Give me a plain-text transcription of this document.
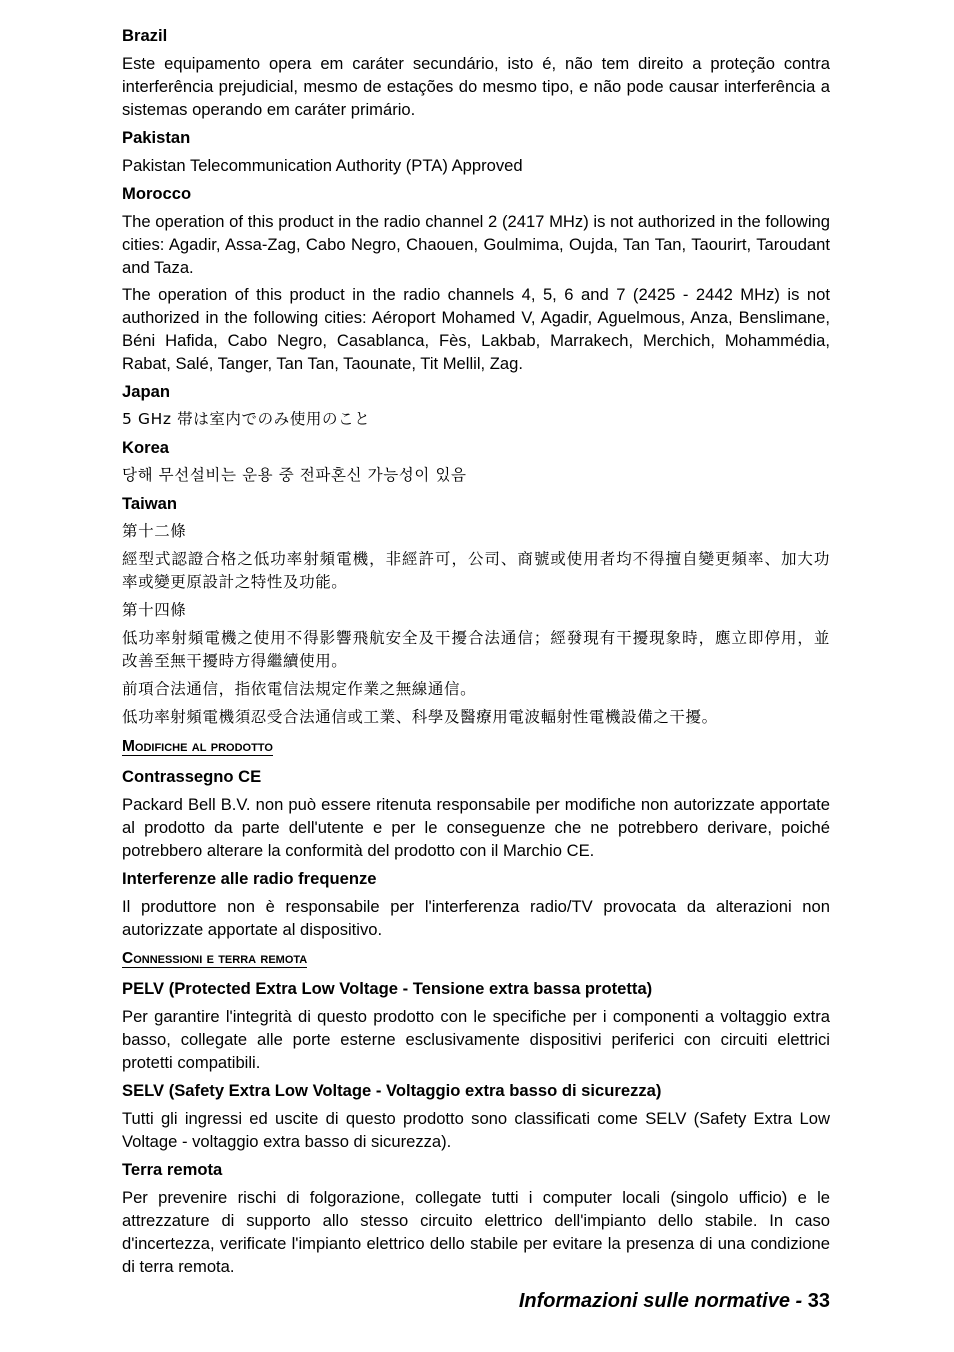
Brazil
Este equipamento opera em caráter secundário, isto é, não tem direito a proteção contra interferência prejudicial, mesmo de estações do mesmo tipo, e não pode causar interferência a sistemas operando em caráter primário.
Pakistan
Pakistan Telecommunication Authority (PTA) Approved
Morocco
The operation of this product in the radio channel 2 (2417 MHz) is not authorized in the following cities: Agadir, Assa-Zag, Cabo Negro, Chaouen, Goulmima, Oujda, Tan Tan, Taourirt, Taroudant and Taza.
The operation of this product in the radio channels 4, 5, 6 and 7 (2425 - 2442 MHz) is not authorized in the following cities: Aéroport Mohamed V, Agadir, Aguelmous, Anza, Benslimane, Béni Hafida, Cabo Negro, Casablanca, Fès, Lakbab, Marrakech, Merchich, Mohammédia, Rabat, Salé, Tanger, Tan Tan, Taounate, Tit Mellil, Zag.
Japan
5 GHz 帯は室内でのみ使用のこと
Korea
당해 무선설비는 운용 중 전파혼신 가능성이 있음
Taiwan
第十二條
經型式認證合格之低功率射頻電機，非經許可，公司、商號或使用者均不得擅自變更頻率、加大功率或變更原設計之特性及功能。
第十四條
低功率射頻電機之使用不得影響飛航安全及干擾合法通信；經發現有干擾現象時，應立即停用，並改善至無干擾時方得繼續使用。
前項合法通信，指依電信法規定作業之無線通信。
低功率射頻電機須忍受合法通信或工業、科學及醫療用電波輻射性電機設備之干擾。
Modifiche al prodotto
Contrassegno CE
Packard Bell B.V. non può essere ritenuta responsabile per modifiche non autorizzate apportate al prodotto da parte dell'utente e per le conseguenze che ne potrebbero derivare, poiché potrebbero alterare la conformità del prodotto con il Marchio CE.
Interferenze alle radio frequenze
Il produttore non è responsabile per l'interferenza radio/TV provocata da alterazioni non autorizzate apportate al dispositivo.
Connessioni e terra remota
PELV (Protected Extra Low Voltage - Tensione extra bassa protetta)
Per garantire l'integrità di questo prodotto con le specifiche per i componenti a voltaggio extra basso, collegate alle porte esterne esclusivamente dispositivi periferici con circuiti elettrici protetti compatibili.
SELV (Safety Extra Low Voltage - Voltaggio extra basso di sicurezza)
Tutti gli ingressi ed uscite di questo prodotto sono classificati come SELV (Safety Extra Low Voltage - voltaggio extra basso di sicurezza).
Terra remota
Per prevenire rischi di folgorazione, collegate tutti i computer locali (singolo ufficio) e le attrezzature di supporto allo stesso circuito elettrico dell'impianto dello stabile. In caso d'incertezza, verificate l'impianto elettrico dello stabile per evitare la presenza di una condizione di terra remota.
Informazioni sulle normative - 33
